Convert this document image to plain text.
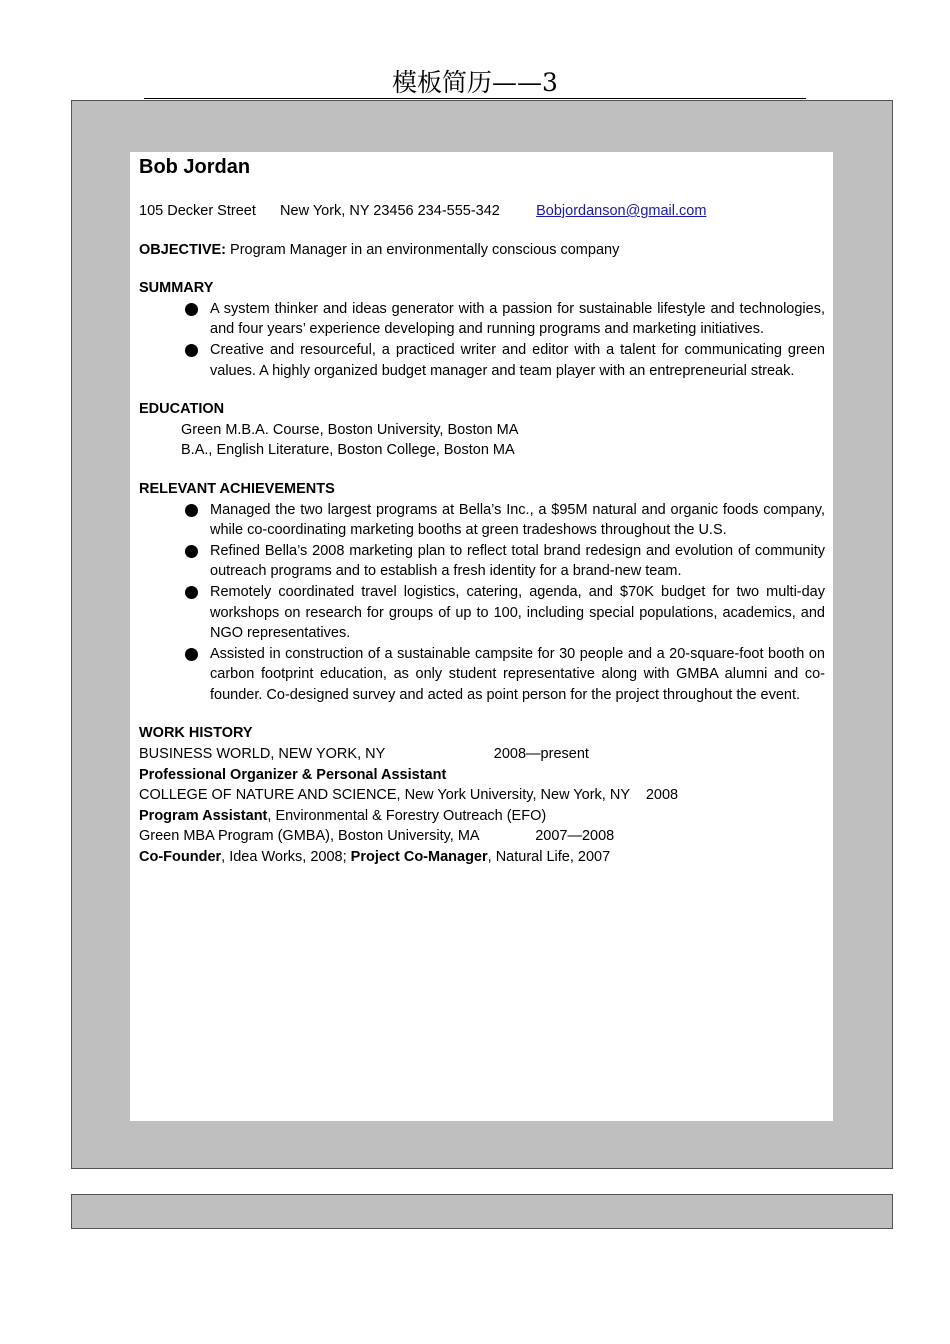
模板简历——3
Bob Jordan
105 Decker Street New York, NY 23456 234-555-342	Bobjordanson@gmail.com
OBJECTIVE: Program Manager in an environmentally conscious company
SUMMARY
A system thinker and ideas generator with a passion for sustainable lifestyle and technologies, and four years’ experience developing and running programs and marketing initiatives.
Creative and resourceful, a practiced writer and editor with a talent for communicating green values. A highly organized budget manager and team player with an entrepreneurial streak.
EDUCATION
Green M.B.A. Course, Boston University, Boston MA
B.A., English Literature, Boston College, Boston MA
RELEVANT ACHIEVEMENTS
Managed the two largest programs at Bella’s Inc., a $95M natural and organic foods company, while co-coordinating marketing booths at green tradeshows throughout the U.S.
Refined Bella’s 2008 marketing plan to reflect total brand redesign and evolution of community outreach programs and to establish a fresh identity for a brand-new team.
Remotely coordinated travel logistics, catering, agenda, and $70K budget for two multi-day workshops on research for groups of up to 100, including special populations, academics, and NGO representatives.
Assisted in construction of a sustainable campsite for 30 people and a 20-square-foot booth on carbon footprint education, as only student representative along with GMBA alumni and co-founder. Co-designed survey and acted as point person for the project throughout the event.
WORK HISTORY
BUSINESS WORLD, NEW YORK, NY	2008—present
Professional Organizer & Personal Assistant
COLLEGE OF NATURE AND SCIENCE, New York University, New York, NY 2008
Program Assistant, Environmental & Forestry Outreach (EFO)
Green MBA Program (GMBA), Boston University, MA	2007—2008
Co-Founder, Idea Works, 2008; Project Co-Manager, Natural Life, 2007
